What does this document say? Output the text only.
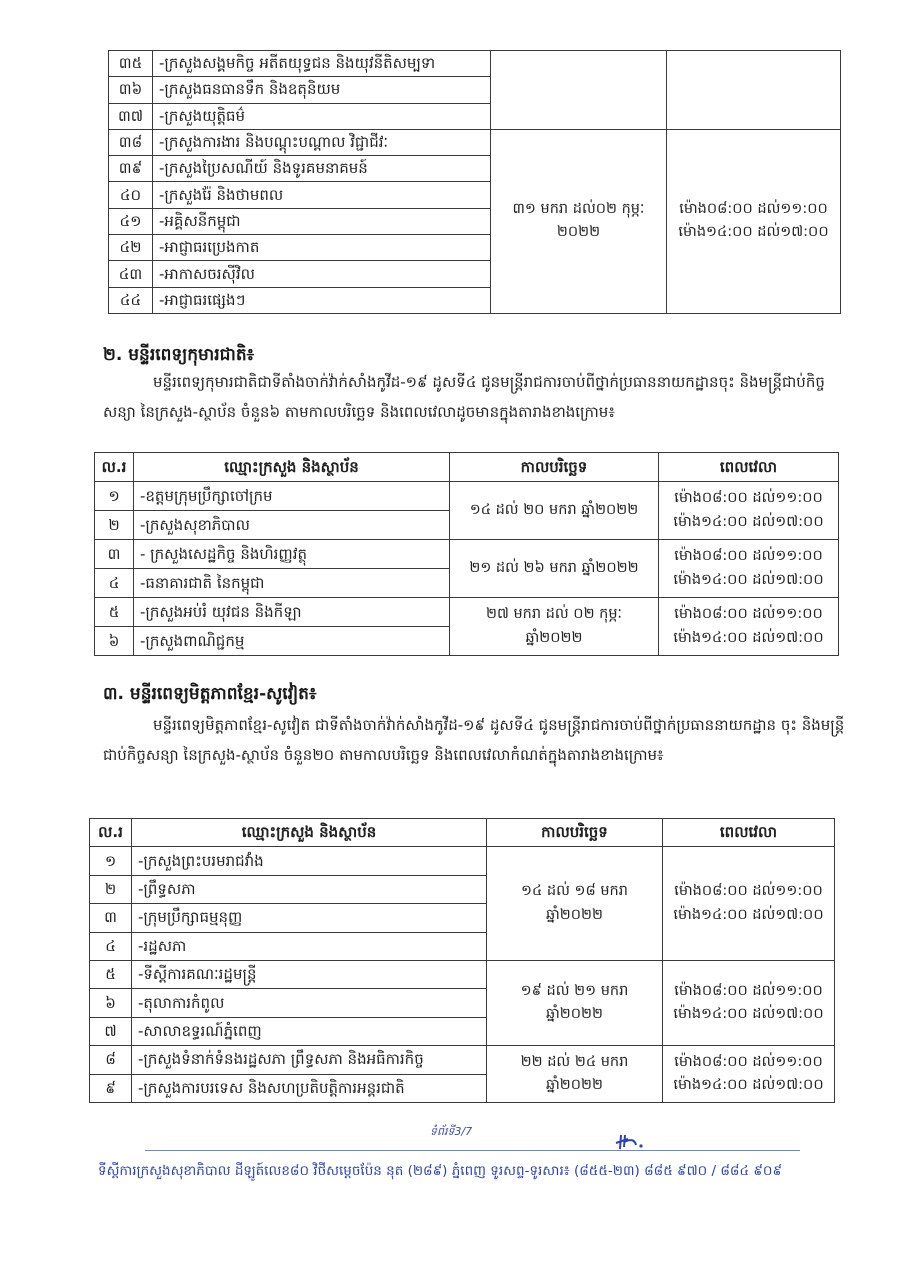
៣៥	-ក្រសួងសង្គមកិច្ច អតីតយុទ្ធជន និងយុវនីតិសម្បទា		
៣៦	-ក្រសួងធនធានទឹក និងឧតុនិយម		
៣៧	-ក្រសួងយុត្តិធម៌		
៣៨	-ក្រសួងការងារ និងបណ្តុះបណ្តាល វិជ្ជាជីវៈ	៣១ មករា ដល់០២ កុម្ភៈ ២០២២	ម៉ោង០៨:០០ ដល់១១:០០
ម៉ោង១៤:០០ ដល់១៧:០០

៣៩	-ក្រសួងប្រៃសណីយ៍ និងទូរគមនាគមន៍		
៤០	-ក្រសួងរ៉ែ និងថាមពល		
៤១	-អគ្គិសនីកម្ពុជា		
៤២	-អាជ្ញាធរប្រេងកាត		
៤៣	-អាកាសចរស៊ីវិល		
៤៤	-អាជ្ញាធរផ្សេងៗ		
២. មន្ទីរពេទ្យកុមារជាតិ៖
មន្ទីរពេទ្យកុមារជាតិជាទីតាំងចាក់វ៉ាក់សាំងកូវីដ-១៩ ដូសទី៤ ជូនមន្ត្រីរាជការចាប់ពីថ្នាក់ប្រធាននាយកដ្ឋានចុះ និងមន្ត្រីជាប់កិច្ចសន្យា នៃក្រសួង-ស្ថាប័ន ចំនួន៦ តាមកាលបរិច្ឆេទ និងពេលវេលាដូចមានក្នុងតារាងខាងក្រោម៖
ល.រ	ឈ្មោះក្រសួង និងស្ថាប័ន	កាលបរិច្ឆេទ	ពេលវេលា
១	-ឧត្តមក្រុមប្រឹក្សាចៅក្រម	១៤ ដល់ ២០ មករា ឆ្នាំ២០២២	ម៉ោង០៨:០០ ដល់១១:០០
ម៉ោង១៤:០០ ដល់១៧:០០

២	-ក្រសួងសុខាភិបាល		
៣	- ក្រសួងសេដ្ឋកិច្ច និងហិរញ្ញវត្ថុ	២១ ដល់ ២៦ មករា ឆ្នាំ២០២២	ម៉ោង០៨:០០ ដល់១១:០០
ម៉ោង១៤:០០ ដល់១៧:០០

៤	-ធនាគារជាតិ នៃកម្ពុជា		
៥	-ក្រសួងអប់រំ យុវជន និងកីឡា	២៧ មករា ដល់ ០២ កុម្ភៈ ឆ្នាំ២០២២	ម៉ោង០៨:០០ ដល់១១:០០
ម៉ោង១៤:០០ ដល់១៧:០០

៦	-ក្រសួងពាណិជ្ជកម្ម		
៣. មន្ទីរពេទ្យមិត្តភាពខ្មែរ-សូវៀត៖
មន្ទីរពេទ្យមិត្តភាពខ្មែរ-សូវៀត ជាទីតាំងចាក់វ៉ាក់សាំងកូវីដ-១៩ ដូសទី៤ ជូនមន្ត្រីរាជការចាប់ពីថ្នាក់ប្រធាននាយកដ្ឋាន ចុះ និងមន្ត្រីជាប់កិច្ចសន្យា នៃក្រសួង-ស្ថាប័ន ចំនួន២០ តាមកាលបរិច្ឆេទ និងពេលវេលាកំណត់ក្នុងតារាងខាងក្រោម៖
ល.រ	ឈ្មោះក្រសួង និងស្ថាប័ន	កាលបរិច្ឆេទ	ពេលវេលា
១	-ក្រសួងព្រះបរមរាជវាំង	១៤ ដល់ ១៨ មករា ឆ្នាំ២០២២	ម៉ោង០៨:០០ ដល់១១:០០
ម៉ោង១៤:០០ ដល់១៧:០០

២	-ព្រឹទ្ធសភា		
៣	-ក្រុមប្រឹក្សាធម្មនុញ្ញ		
៤	-រដ្ឋសភា		
៥	-ទីស្តីការគណៈរដ្ឋមន្ត្រី	១៩ ដល់ ២១ មករា ឆ្នាំ២០២២	ម៉ោង០៨:០០ ដល់១១:០០
ម៉ោង១៤:០០ ដល់១៧:០០

៦	-តុលាការកំពូល		
៧	-សាលាឧទ្ធរណ៍ភ្នំពេញ		
៨	-ក្រសួងទំនាក់ទំនងរដ្ឋសភា ព្រឹទ្ធសភា និងអធិការកិច្ច	២២ ដល់ ២៤ មករា ឆ្នាំ២០២២	ម៉ោង០៨:០០ ដល់១១:០០
ម៉ោង១៤:០០ ដល់១៧:០០

៩	-ក្រសួងការបរទេស និងសហប្រតិបត្តិការអន្តរជាតិ		
ទំព័រទី3/7
ទីស្តីការក្រសួងសុខាភិបាល ដីឡូត៍លេខ៨០ វិថីសម្តេចប៉ែន នុត (២៨៩) ភ្នំពេញ ទូរសព្ទ-ទូរសារ៖ (៨៥៥-២៣) ៨៨៥ ៩៧០ / ៨៨៤ ៩០៩
